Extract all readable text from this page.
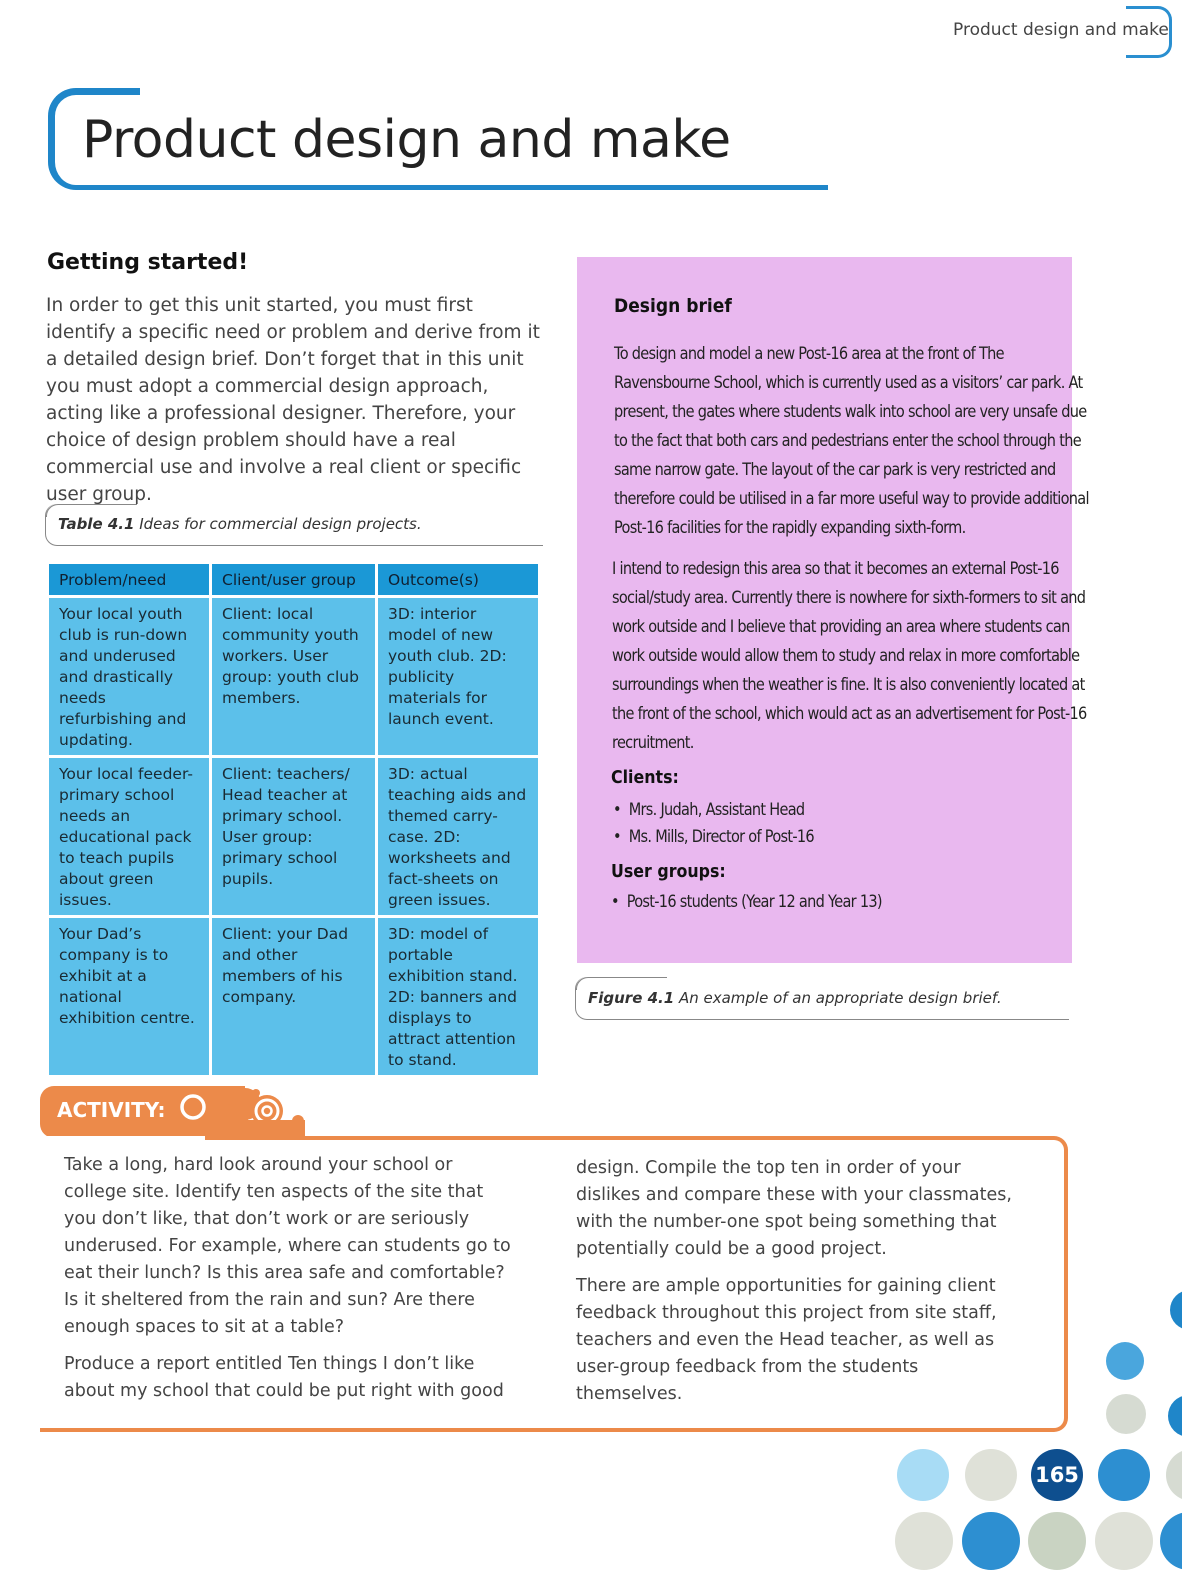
Product design and make
Product design and make
Getting started!

In order to get this unit started, you must first identify a specific need or problem and derive from it a detailed design brief. Don’t forget that in this unit you must adopt a commercial design approach, acting like a professional designer. Therefore, your choice of design problem should have a real commercial use and involve a real client or specific user group.

Table 4.1 Ideas for commercial design projects.
Problem/need	Client/user group	Outcome(s)
Your local youth club is run-down and underused and drastically needs refurbishing and updating.	Client: local community youth workers. User group: youth club members.	3D: interior model of new youth club. 2D: publicity materials for launch event.
Your local feeder-primary school needs an educational pack to teach pupils about green issues.	Client: teachers/ Head teacher at primary school. User group: primary school pupils.	3D: actual teaching aids and themed carry-case. 2D: worksheets and fact-sheets on green issues.
Your Dad’s company is to exhibit at a national exhibition centre.	Client: your Dad and other members of his company.	3D: model of portable exhibition stand. 2D: banners and displays to attract attention to stand.
Design brief

To design and model a new Post-16 area at the front of The Ravensbourne School, which is currently used as a visitors’ car park. At present, the gates where students walk into school are very unsafe due to the fact that both cars and pedestrians enter the school through the same narrow gate. The layout of the car park is very restricted and therefore could be utilised in a far more useful way to provide additional Post-16 facilities for the rapidly expanding sixth-form.

I intend to redesign this area so that it becomes an external Post-16 social/study area. Currently there is nowhere for sixth-formers to sit and work outside and I believe that providing an area where students can work outside would allow them to study and relax in more comfortable surroundings when the weather is fine. It is also conveniently located at the front of the school, which would act as an advertisement for Post-16 recruitment.

Clients:
•  Mrs. Judah, Assistant Head
•  Ms. Mills, Director of Post-16
User groups:
•  Post-16 students (Year 12 and Year 13)
Figure 4.1 An example of an appropriate design brief.
ACTIVITY:

Take a long, hard look around your school or college site. Identify ten aspects of the site that you don’t like, that don’t work or are seriously underused. For example, where can students go to eat their lunch? Is this area safe and comfortable? Is it sheltered from the rain and sun? Are there enough spaces to sit at a table?

Produce a report entitled Ten things I don’t like about my school that could be put right with good

design. Compile the top ten in order of your dislikes and compare these with your classmates, with the number-one spot being something that potentially could be a good project.

There are ample opportunities for gaining client feedback throughout this project from site staff, teachers and even the Head teacher, as well as user-group feedback from the students themselves.

165
